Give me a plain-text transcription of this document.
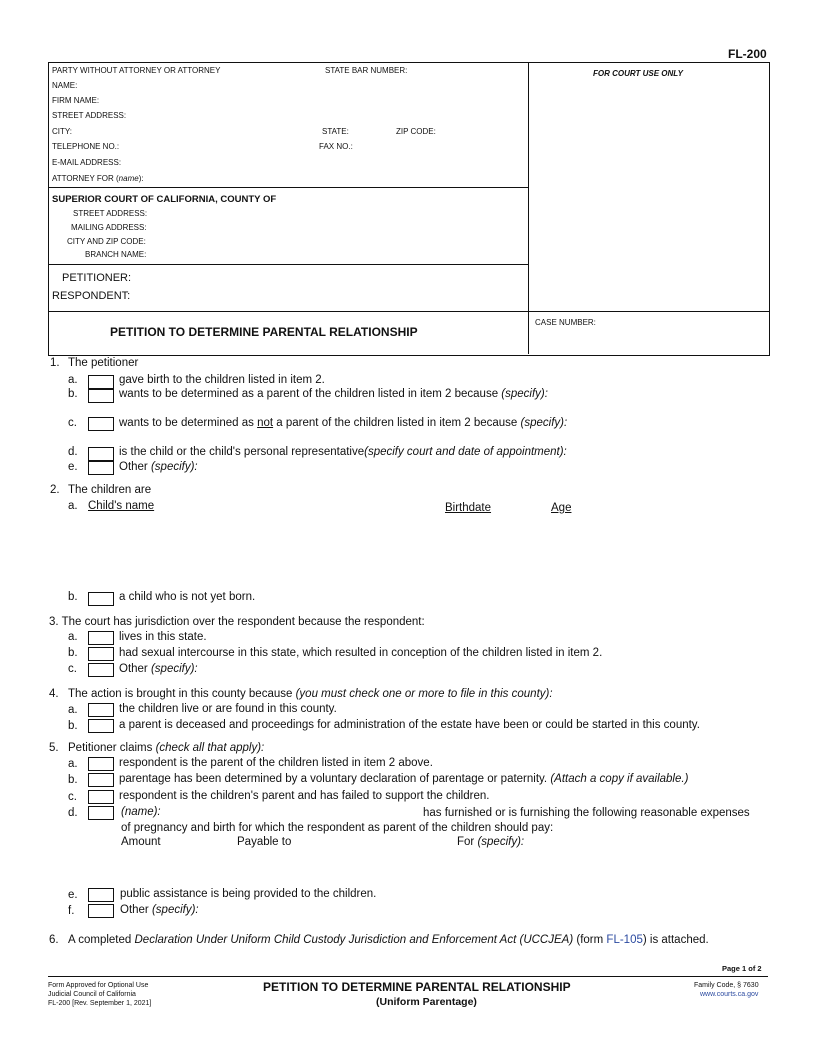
FL-200
PARTY WITHOUT ATTORNEY OR ATTORNEY	STATE BAR NUMBER:	FOR COURT USE ONLY
NAME:
FIRM NAME:
STREET ADDRESS:
CITY:	STATE:	ZIP CODE:
TELEPHONE NO.:	FAX NO.:
E-MAIL ADDRESS:
ATTORNEY FOR (name):
SUPERIOR COURT OF CALIFORNIA, COUNTY OF
STREET ADDRESS:
MAILING ADDRESS:
CITY AND ZIP CODE:
BRANCH NAME:
PETITIONER:
RESPONDENT:
PETITION TO DETERMINE PARENTAL RELATIONSHIP
CASE NUMBER:
1. The petitioner
a.	gave birth to the children listed in item 2.
b.	wants to be determined as a parent of the children listed in item 2 because (specify):
c.	wants to be determined as not a parent of the children listed in item 2 because (specify):
d.	is the child or the child's personal representative(specify court and date of appointment):
e.	Other (specify):
2. The children are
a. Child's name	Birthdate	Age
b.	a child who is not yet born.
3. The court has jurisdiction over the respondent because the respondent:
a.	lives in this state.
b.	had sexual intercourse in this state, which resulted in conception of the children listed in item 2.
c.	Other (specify):
4. The action is brought in this county because (you must check one or more to file in this county):
a.	the children live or are found in this county.
b.	a parent is deceased and proceedings for administration of the estate have been or could be started in this county.
5. Petitioner claims (check all that apply):
a.	respondent is the parent of the children listed in item 2 above.
b.	parentage has been determined by a voluntary declaration of parentage or paternity. (Attach a copy if available.)
c.	respondent is the children's parent and has failed to support the children.
d.	(name):	has furnished or is furnishing the following reasonable expenses
of pregnancy and birth for which the respondent as parent of the children should pay:
Amount	Payable to	For (specify):
e.	public assistance is being provided to the children.
f.	Other (specify):
6. A completed Declaration Under Uniform Child Custody Jurisdiction and Enforcement Act (UCCJEA) (form FL-105) is attached.
Page 1 of 2
Form Approved for Optional Use
Judicial Council of California
FL-200 [Rev. September 1, 2021]
PETITION TO DETERMINE PARENTAL RELATIONSHIP
(Uniform Parentage)
Family Code, § 7630
www.courts.ca.gov
